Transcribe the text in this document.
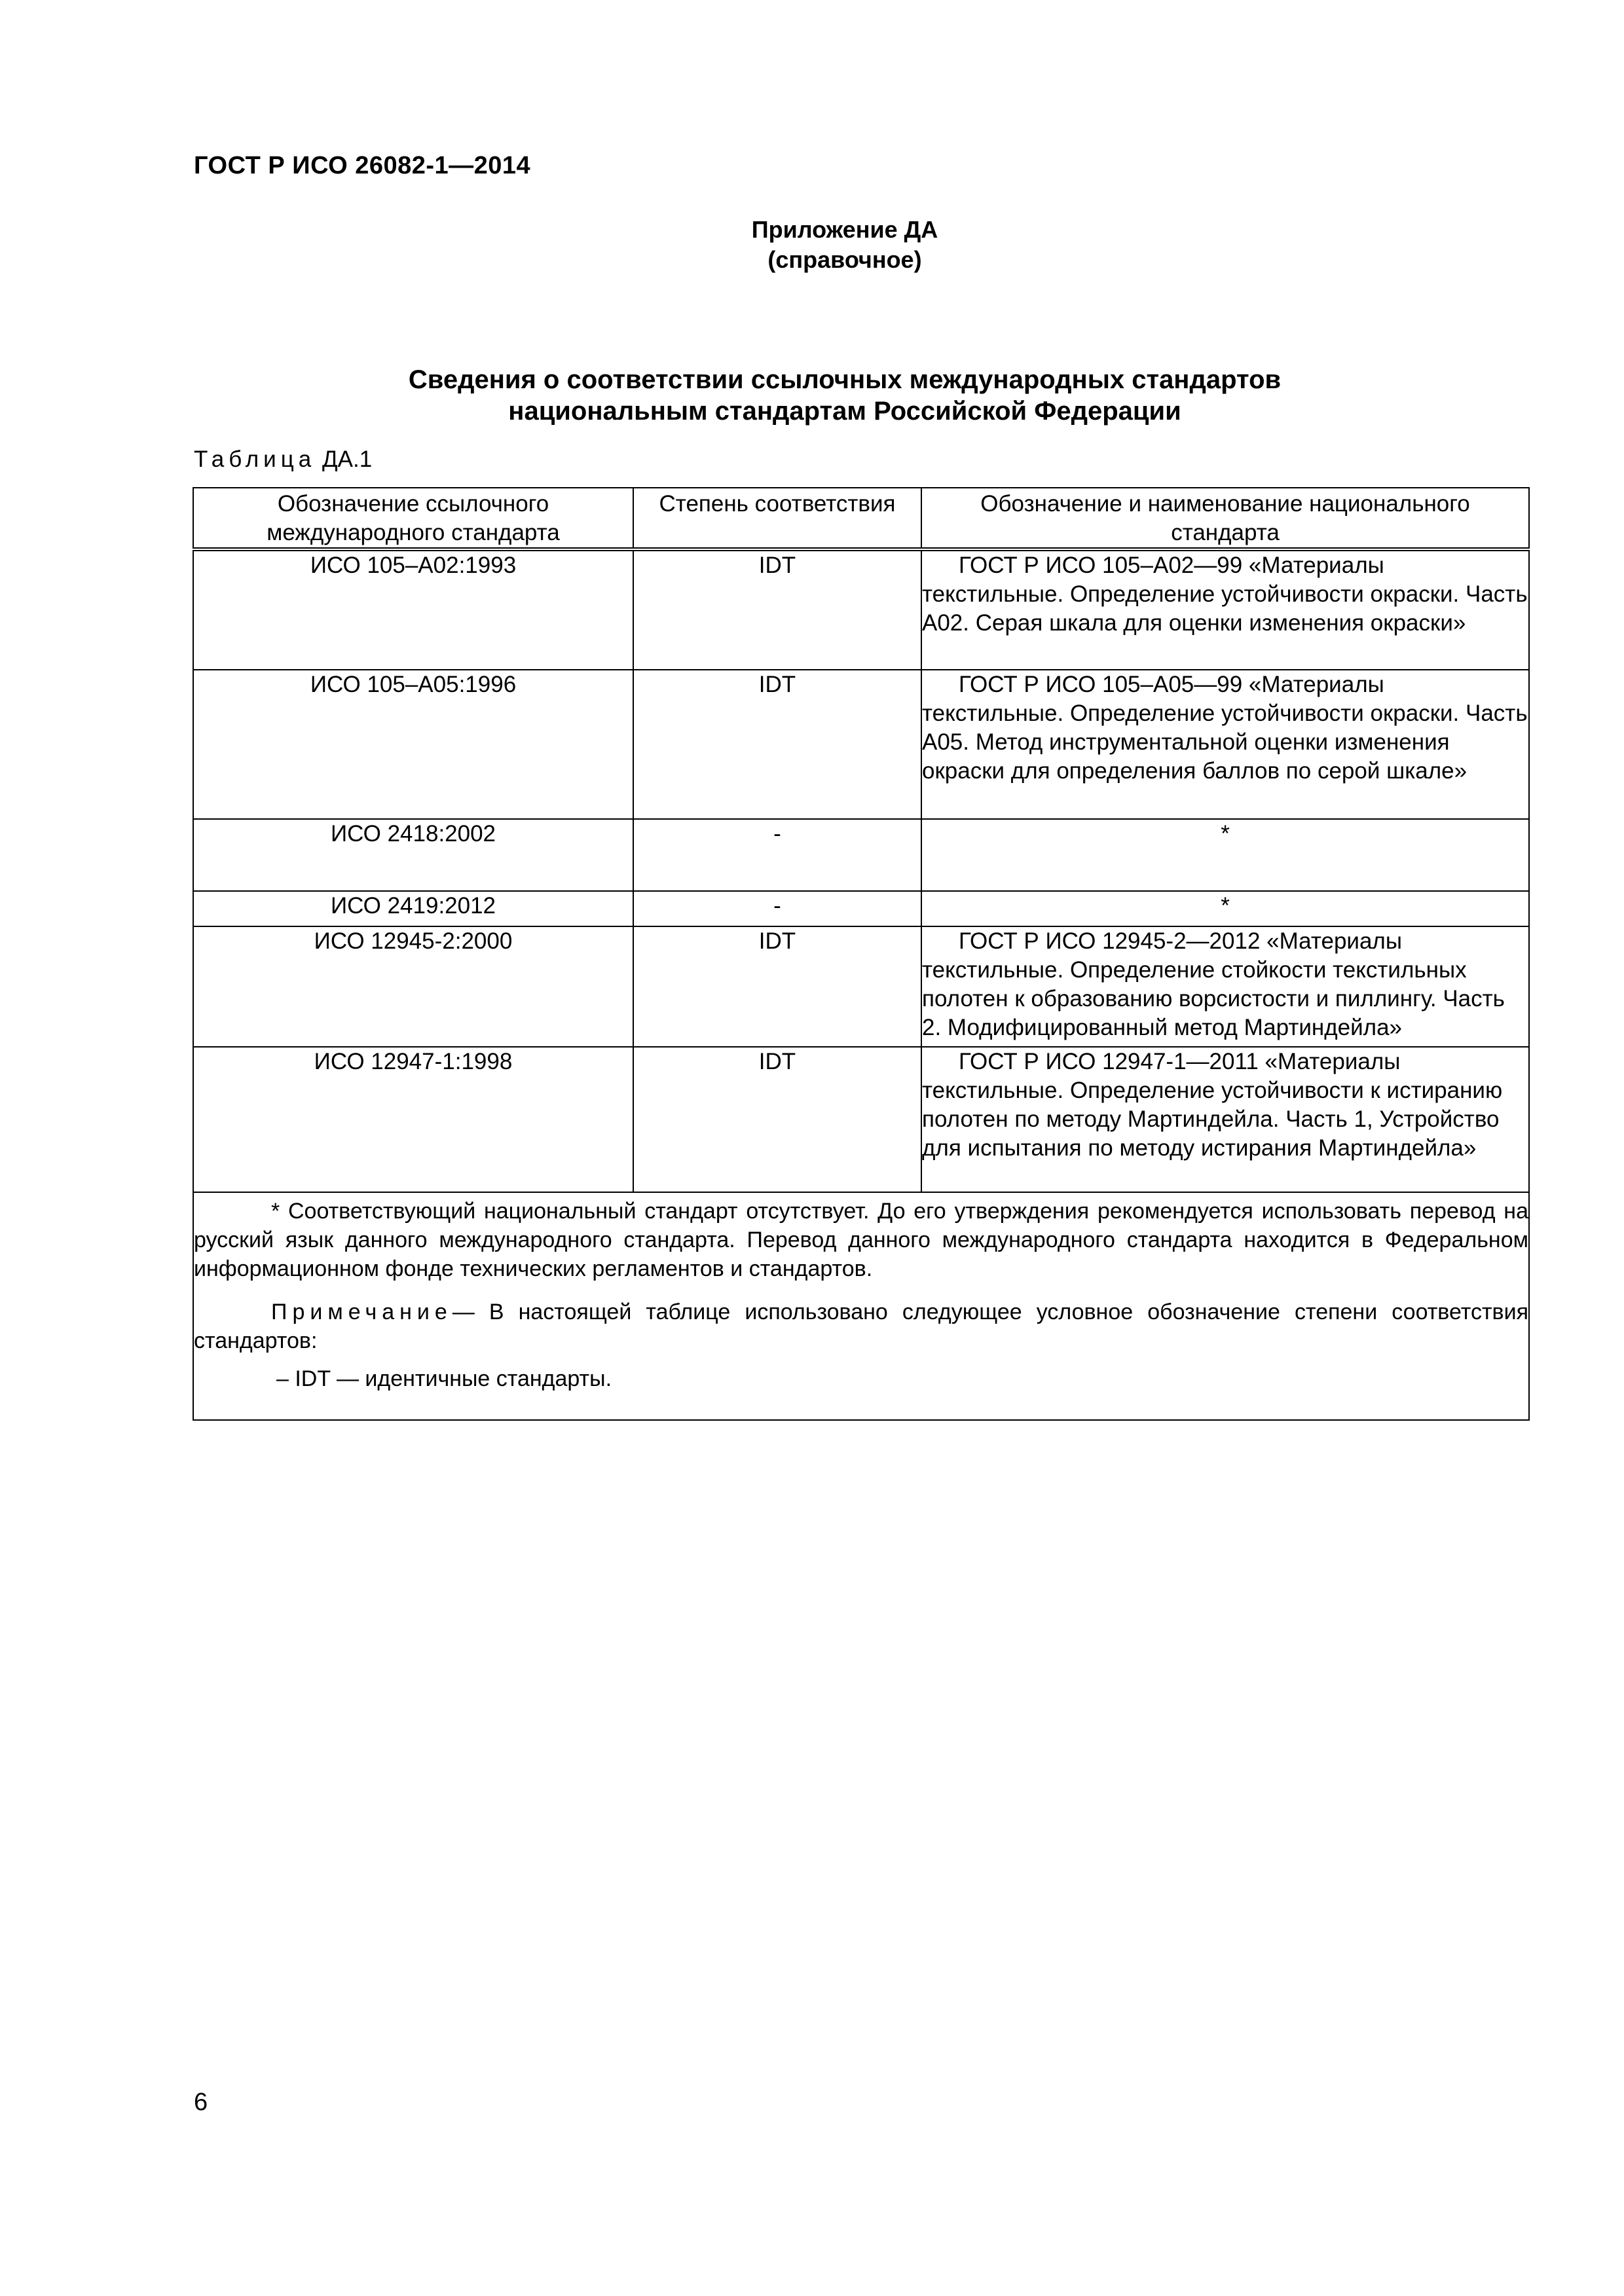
ГОСТ Р ИСО 26082-1—2014
Приложение ДА
(справочное)
Сведения о соответствии ссылочных международных стандартов
национальным стандартам Российской Федерации
Таблица ДА.1
Обозначение ссылочного международного стандарта	Степень соответствия	Обозначение и наименование национального стандарта
ИСО 105–А02:1993	IDT	ГОСТ Р ИСО 105–А02—99 «Материалы текстильные. Определение устойчивости окраски. Часть А02. Серая шкала для оценки изменения окраски»

ИСО 105–А05:1996	IDT	ГОСТ Р ИСО 105–А05—99 «Материалы текстильные. Определение устойчивости окраски. Часть А05. Метод инструментальной оценки изменения окраски для определения баллов по серой шкале»

ИСО 2418:2002	-	*
ИСО 2419:2012	-	*
ИСО 12945-2:2000	IDT	ГОСТ Р ИСО 12945-2—2012 «Материалы текстильные. Определение стойкости текстильных полотен к образованию ворсистости и пиллингу. Часть 2. Модифицированный метод Мартиндейла»

ИСО 12947-1:1998	IDT	ГОСТ Р ИСО 12947-1—2011 «Материалы текстильные. Определение устойчивости к истиранию полотен по методу Мартиндейла. Часть 1, Устройство для испытания по методу истирания Мартиндейла»

* Соответствующий национальный стандарт отсутствует. До его утверждения рекомендуется использовать перевод на русский язык данного международного стандарта. Перевод данного международного стандарта находится в Федеральном информационном фонде технических регламентов и стандартов.

Примечание— В настоящей таблице использовано следующее условное обозначение степени соответствия стандартов:

– IDT — идентичные стандарты.		

6
